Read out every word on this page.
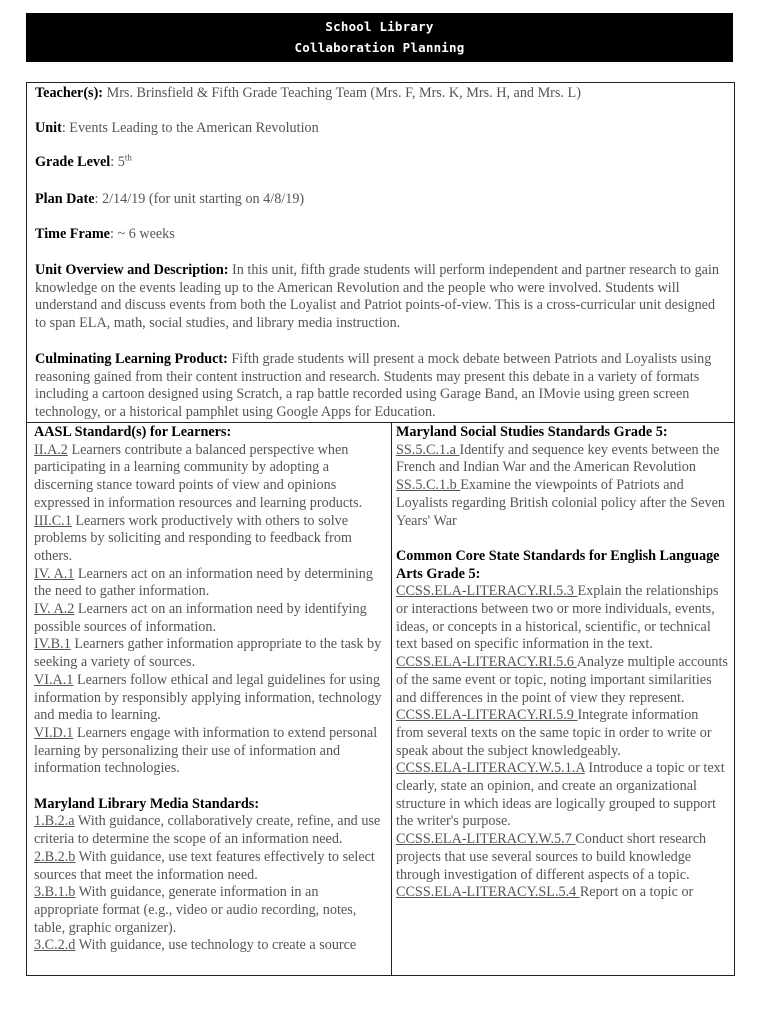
School Library
Collaboration Planning

Teacher(s): Mrs. Brinsfield & Fifth Grade Teaching Team (Mrs. F, Mrs. K, Mrs. H, and Mrs. L)

Unit: Events Leading to the American Revolution

Grade Level: 5th

Plan Date: 2/14/19 (for unit starting on 4/8/19)

Time Frame: ~ 6 weeks

Unit Overview and Description: In this unit, fifth grade students will perform independent and partner research to gain knowledge on the events leading up to the American Revolution and the people who were involved. Students will understand and discuss events from both the Loyalist and Patriot points-of-view. This is a cross-curricular unit designed to span ELA, math, social studies, and library media instruction.

Culminating Learning Product: Fifth grade students will present a mock debate between Patriots and Loyalists using reasoning gained from their content instruction and research. Students may present this debate in a variety of formats including a cartoon designed using Scratch, a rap battle recorded using Garage Band, an IMovie using green screen technology, or a historical pamphlet using Google Apps for Education.

AASL Standard(s) for Learners:
II.A.2 Learners contribute a balanced perspective when participating in a learning community by adopting a discerning stance toward points of view and opinions expressed in information resources and learning products.
III.C.1 Learners work productively with others to solve problems by soliciting and responding to feedback from others.
IV. A.1 Learners act on an information need by determining the need to gather information.
IV. A.2 Learners act on an information need by identifying possible sources of information.
IV.B.1 Learners gather information appropriate to the task by seeking a variety of sources.
VI.A.1 Learners follow ethical and legal guidelines for using information by responsibly applying information, technology and media to learning.
VI.D.1 Learners engage with information to extend personal learning by personalizing their use of information and information technologies.
Maryland Library Media Standards:
1.B.2.a With guidance, collaboratively create, refine, and use criteria to determine the scope of an information need.
2.B.2.b With guidance, use text features effectively to select sources that meet the information need.
3.B.1.b With guidance, generate information in an appropriate format (e.g., video or audio recording, notes, table, graphic organizer).
3.C.2.d With guidance, use technology to create a source
Maryland Social Studies Standards Grade 5:
SS.5.C.1.a Identify and sequence key events between the French and Indian War and the American Revolution
SS.5.C.1.b Examine the viewpoints of Patriots and Loyalists regarding British colonial policy after the Seven Years' War
Common Core State Standards for English Language Arts Grade 5:
CCSS.ELA-LITERACY.RI.5.3 Explain the relationships or interactions between two or more individuals, events, ideas, or concepts in a historical, scientific, or technical text based on specific information in the text.
CCSS.ELA-LITERACY.RI.5.6 Analyze multiple accounts of the same event or topic, noting important similarities and differences in the point of view they represent.
CCSS.ELA-LITERACY.RI.5.9 Integrate information from several texts on the same topic in order to write or speak about the subject knowledgeably.
CCSS.ELA-LITERACY.W.5.1.A Introduce a topic or text clearly, state an opinion, and create an organizational structure in which ideas are logically grouped to support the writer's purpose.
CCSS.ELA-LITERACY.W.5.7 Conduct short research projects that use several sources to build knowledge through investigation of different aspects of a topic.
CCSS.ELA-LITERACY.SL.5.4 Report on a topic or
